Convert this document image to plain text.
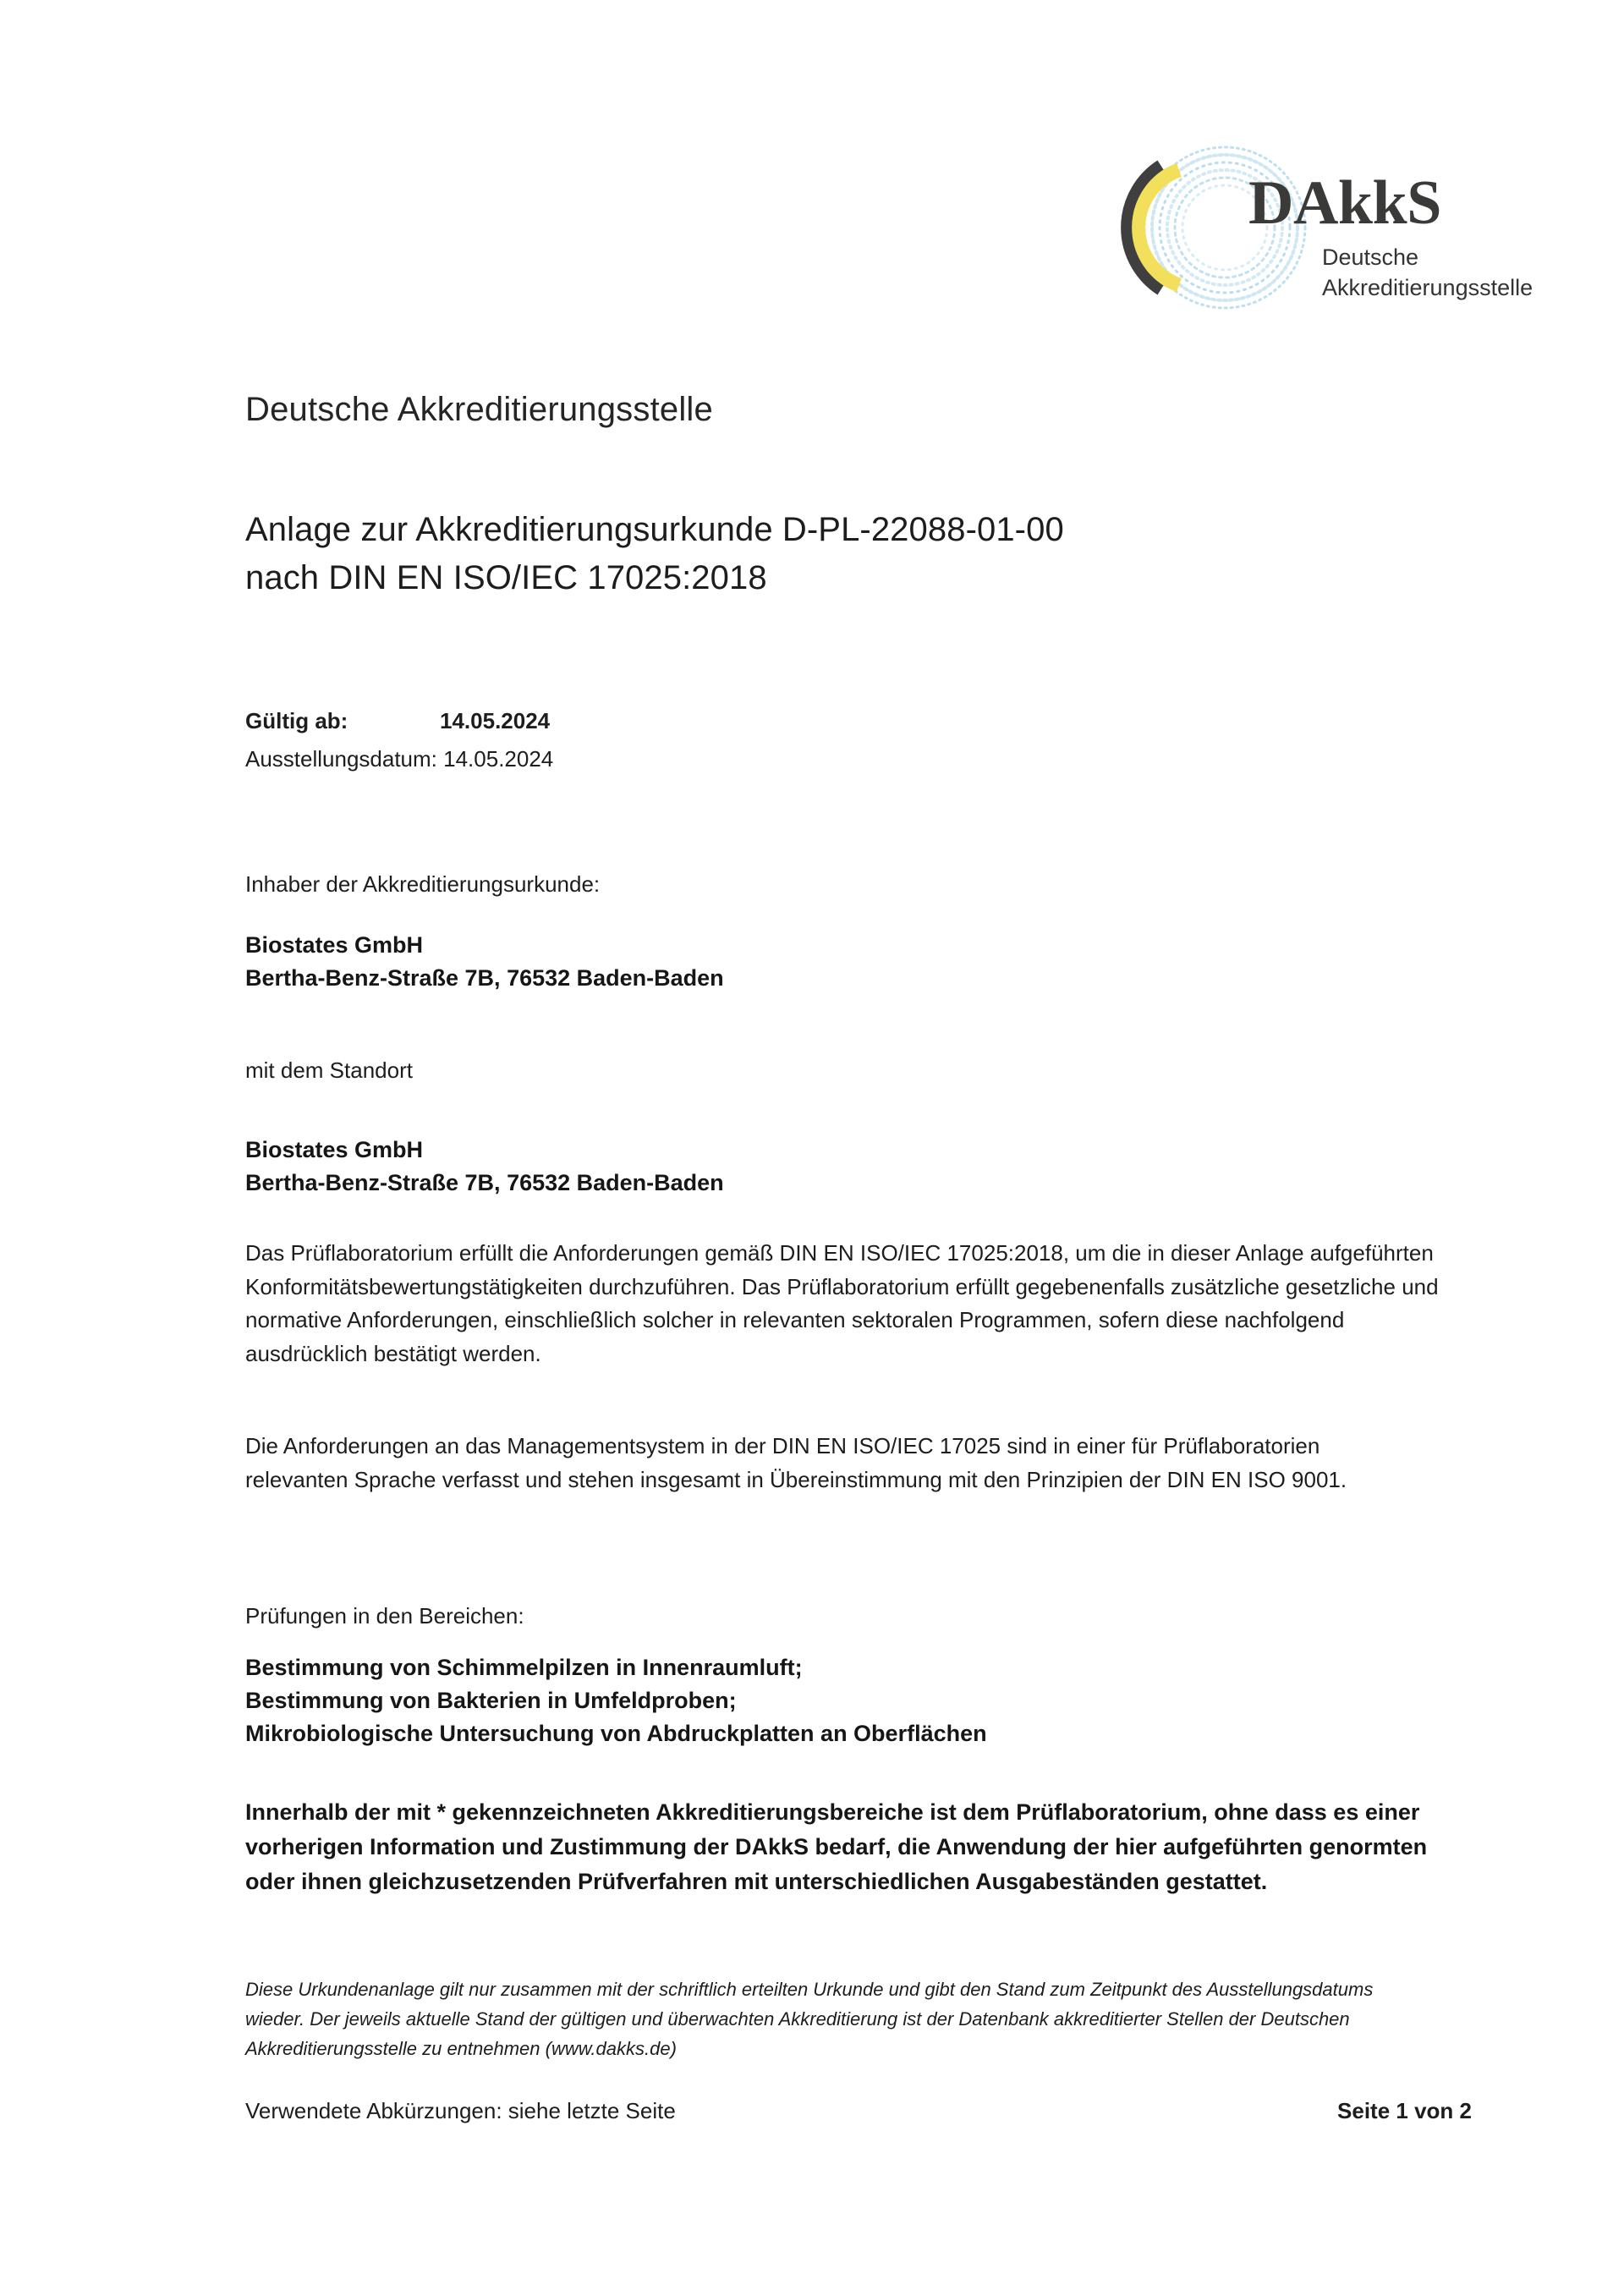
DAkkS
Deutsche
Akkreditierungsstelle
Deutsche Akkreditierungsstelle
Anlage zur Akkreditierungsurkunde D-PL-22088-01-00
nach DIN EN ISO/IEC 17025:2018
Gültig ab:	14.05.2024
Ausstellungsdatum: 14.05.2024
Inhaber der Akkreditierungsurkunde:
Biostates GmbH
Bertha-Benz-Straße 7B, 76532 Baden-Baden
mit dem Standort
Biostates GmbH
Bertha-Benz-Straße 7B, 76532 Baden-Baden
Das Prüflaboratorium erfüllt die Anforderungen gemäß DIN EN ISO/IEC 17025:2018, um die in dieser Anlage aufgeführten Konformitätsbewertungstätigkeiten durchzuführen. Das Prüflaboratorium erfüllt gegebenenfalls zusätzliche gesetzliche und normative Anforderungen, einschließlich solcher in relevanten sektoralen Programmen, sofern diese nachfolgend ausdrücklich bestätigt werden.
Die Anforderungen an das Managementsystem in der DIN EN ISO/IEC 17025 sind in einer für Prüflaboratorien relevanten Sprache verfasst und stehen insgesamt in Übereinstimmung mit den Prinzipien der DIN EN ISO 9001.
Prüfungen in den Bereichen:
Bestimmung von Schimmelpilzen in Innenraumluft;
Bestimmung von Bakterien in Umfeldproben;
Mikrobiologische Untersuchung von Abdruckplatten an Oberflächen
Innerhalb der mit * gekennzeichneten Akkreditierungsbereiche ist dem Prüflaboratorium, ohne dass es einer vorherigen Information und Zustimmung der DAkkS bedarf, die Anwendung der hier aufgeführten genormten oder ihnen gleichzusetzenden Prüfverfahren mit unterschiedlichen Ausgabeständen gestattet.
Diese Urkundenanlage gilt nur zusammen mit der schriftlich erteilten Urkunde und gibt den Stand zum Zeitpunkt des Ausstellungsdatums wieder. Der jeweils aktuelle Stand der gültigen und überwachten Akkreditierung ist der Datenbank akkreditierter Stellen der Deutschen Akkreditierungsstelle zu entnehmen (www.dakks.de)
Verwendete Abkürzungen: siehe letzte Seite	Seite 1 von 2
